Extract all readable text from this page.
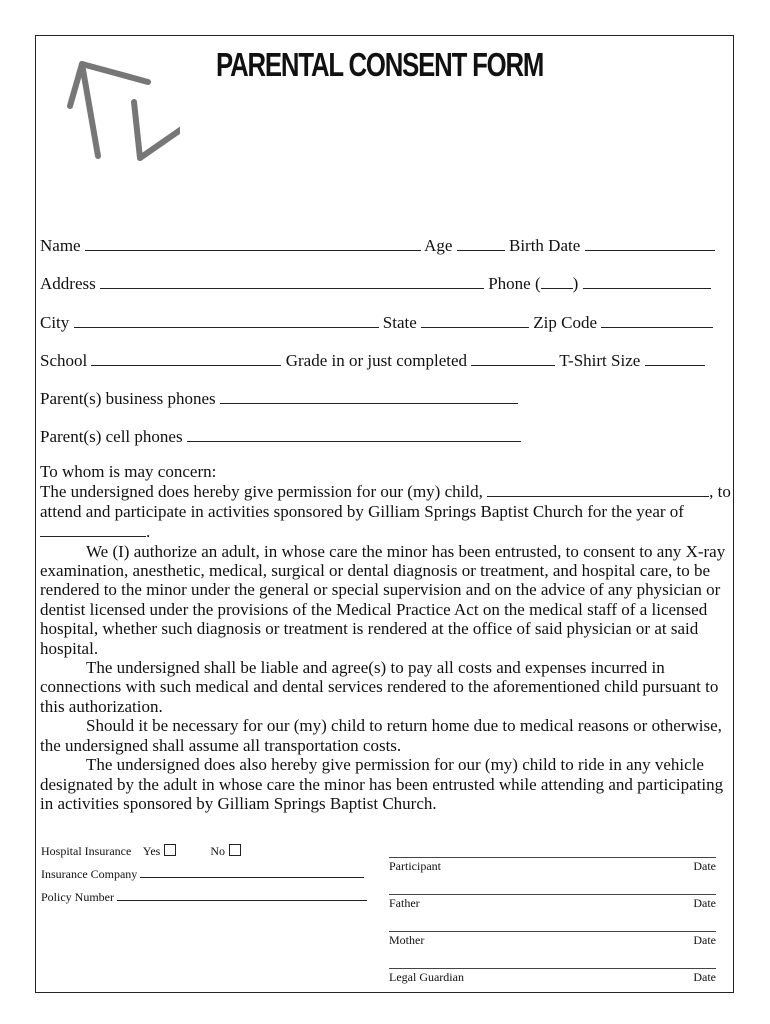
PARENTAL CONSENT FORM
Name	Age	Birth Date
Address	Phone ( )
City	State	Zip Code
School	Grade in or just completed	T-Shirt Size
Parent(s) business phones
Parent(s) cell phones

To whom is may concern:

The undersigned does hereby give permission for our (my) child,	, to attend and participate in activities sponsored by Gilliam Springs Baptist Church for the year of .

We (I) authorize an adult, in whose care the minor has been entrusted, to consent to any X-ray examination, anesthetic, medical, surgical or dental diagnosis or treatment, and hospital care, to be rendered to the minor under the general or special supervision and on the advice of any physician or dentist licensed under the provisions of the Medical Practice Act on the medical staff of a licensed hospital, whether such diagnosis or treatment is rendered at the office of said physician or at said hospital.

The undersigned shall be liable and agree(s) to pay all costs and expenses incurred in connections with such medical and dental services rendered to the aforementioned child pursuant to this authorization.

Should it be necessary for our (my) child to return home due to medical reasons or otherwise, the undersigned shall assume all transportation costs.

The undersigned does also hereby give permission for our (my) child to ride in any vehicle designated by the adult in whose care the minor has been entrusted while attending and participating in activities sponsored by Gilliam Springs Baptist Church.

Hospital Insurance Yes	No
Insurance Company
Policy Number
Participant	Date
Father	Date
Mother	Date
Legal Guardian	Date
